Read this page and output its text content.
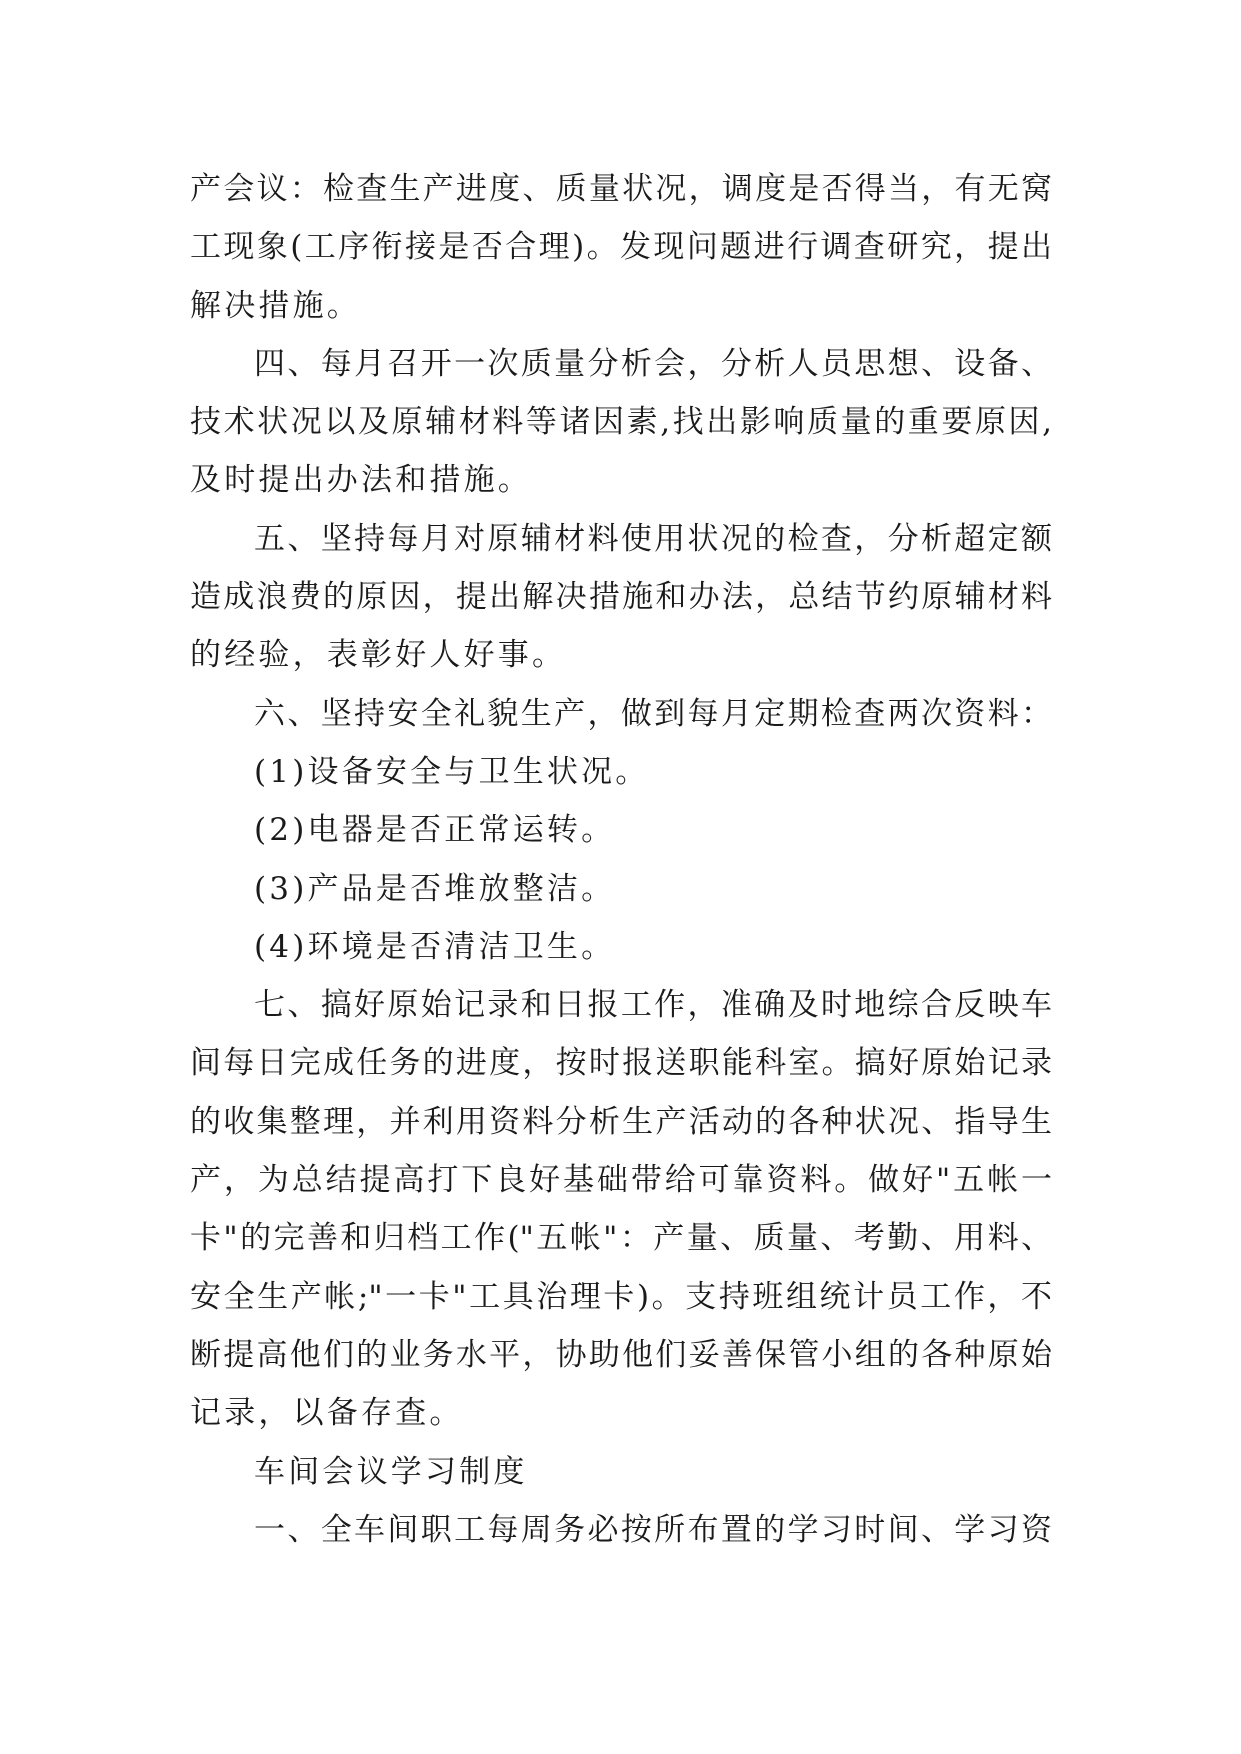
产会议：检查生产进度、质量状况，调度是否得当，有无窝
工现象(工序衔接是否合理)。发现问题进行调查研究，提出
解决措施。
四、每月召开一次质量分析会，分析人员思想、设备、
技术状况以及原辅材料等诸因素,找出影响质量的重要原因,
及时提出办法和措施。
五、坚持每月对原辅材料使用状况的检查，分析超定额
造成浪费的原因，提出解决措施和办法，总结节约原辅材料
的经验，表彰好人好事。
六、坚持安全礼貌生产，做到每月定期检查两次资料：
(1)设备安全与卫生状况。
(2)电器是否正常运转。
(3)产品是否堆放整洁。
(4)环境是否清洁卫生。
七、搞好原始记录和日报工作，准确及时地综合反映车
间每日完成任务的进度，按时报送职能科室。搞好原始记录
的收集整理，并利用资料分析生产活动的各种状况、指导生
产，为总结提高打下良好基础带给可靠资料。做好"五帐一
卡"的完善和归档工作("五帐"：产量、质量、考勤、用料、
安全生产帐;"一卡"工具治理卡)。支持班组统计员工作，不
断提高他们的业务水平，协助他们妥善保管小组的各种原始
记录，以备存查。
车间会议学习制度
一、全车间职工每周务必按所布置的学习时间、学习资
